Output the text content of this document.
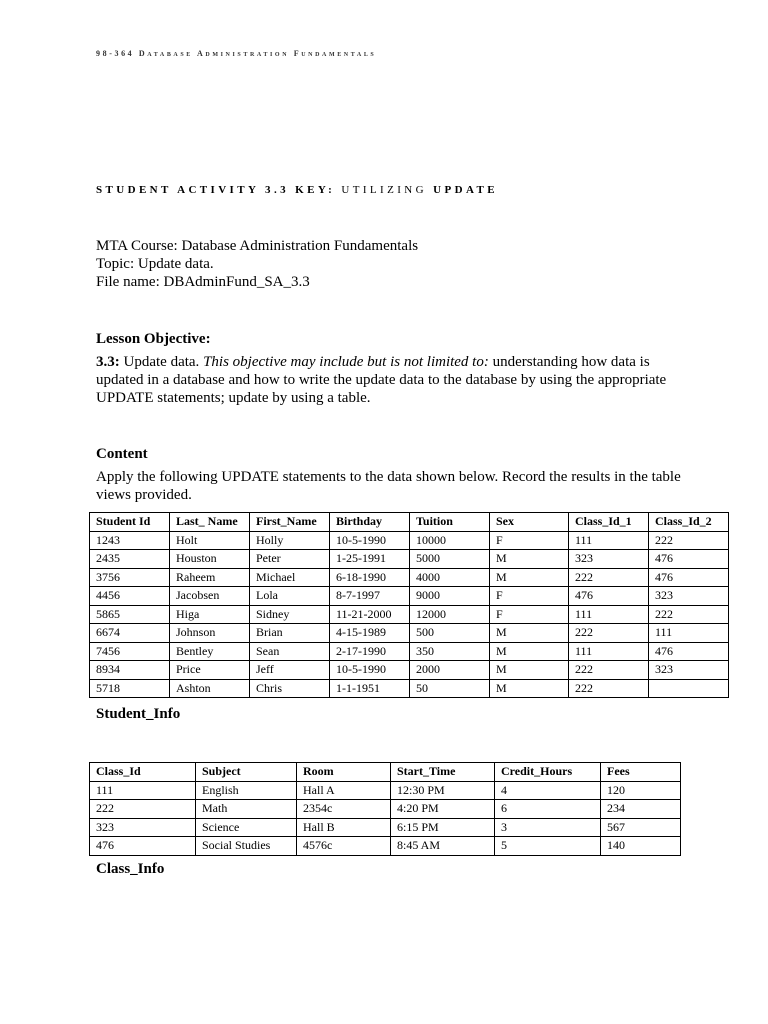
98-364 Database Administration Fundamentals
STUDENT ACTIVITY 3.3 KEY: UTILIZING UPDATE
MTA Course: Database Administration Fundamentals
Topic: Update data.
File name: DBAdminFund_SA_3.3
Lesson Objective:
3.3: Update data. This objective may include but is not limited to: understanding how data is updated in a database and how to write the update data to the database by using the appropriate UPDATE statements; update by using a table.
Content
Apply the following UPDATE statements to the data shown below. Record the results in the table views provided.
Student Id	Last_ Name	First_Name	Birthday	Tuition	Sex	Class_Id_1	Class_Id_2
1243	Holt	Holly	10-5-1990	10000	F	111	222
2435	Houston	Peter	1-25-1991	5000	M	323	476
3756	Raheem	Michael	6-18-1990	4000	M	222	476
4456	Jacobsen	Lola	8-7-1997	9000	F	476	323
5865	Higa	Sidney	11-21-2000	12000	F	111	222
6674	Johnson	Brian	4-15-1989	500	M	222	111
7456	Bentley	Sean	2-17-1990	350	M	111	476
8934	Price	Jeff	10-5-1990	2000	M	222	323
5718	Ashton	Chris	1-1-1951	50	M	222	
Student_Info
Class_Id	Subject	Room	Start_Time	Credit_Hours	Fees
111	English	Hall A	12:30 PM	4	120
222	Math	2354c	4:20 PM	6	234
323	Science	Hall B	6:15 PM	3	567
476	Social Studies	4576c	8:45 AM	5	140
Class_Info
